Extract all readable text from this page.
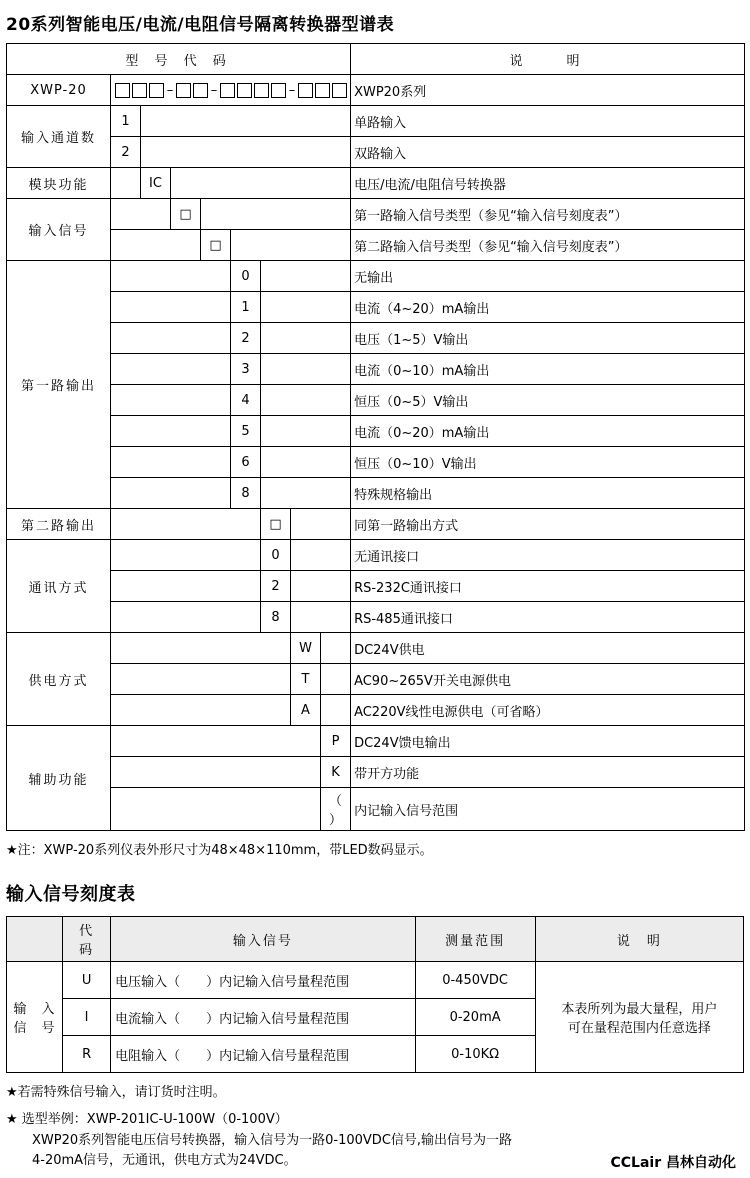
20系列智能电压/电流/电阻信号隔离转换器型谱表
型 号 代 码									说　　明
XWP-20	– – –								XWP20系列
输入通道数	1								单路输入
	2								双路输入
模块功能		IC							电压/电流/电阻信号转换器
输入信号			□						第一路输入信号类型（参见“输入信号刻度表”）
				□					第二路输入信号类型（参见“输入信号刻度表”）
第一路输出					0				无输出
					1				电流（4~20）mA输出
					2				电压（1~5）V输出
					3				电流（0~10）mA输出
					4				恒压（0~5）V输出
					5				电流（0~20）mA输出
					6				恒压（0~10）V输出
					8				特殊规格输出
第二路输出						□			同第一路输出方式
通讯方式						0			无通讯接口
						2			RS-232C通讯接口
						8			RS-485通讯接口
供电方式							W		DC24V供电
							T		AC90~265V开关电源供电
							A		AC220V线性电源供电（可省略）
辅助功能								P	DC24V馈电输出
								K	带开方功能
								（ ）	内记输入信号范围
★注：XWP-20系列仪表外形尺寸为48×48×110mm，带LED数码显示。
输入信号刻度表
	代　码	输入信号	测量范围	说　明

输　入
信　号
	U	电压输入（　　）内记输入信号量程范围	0-450VDC	
本表所列为最大量程，用户
可在量程范围内任意选择

	I	电流输入（　　）内记输入信号量程范围	0-20mA	
	R	电阻输入（　　）内记输入信号量程范围	0-10KΩ	
★若需特殊信号输入，请订货时注明。
★ 选型举例：XWP-201IC-U-100W（0-100V）
XWP20系列智能电压信号转换器，输入信号为一路0-100VDC信号,输出信号为一路
4-20mA信号，无通讯，供电方式为24VDC。	CCLair 昌林自动化
